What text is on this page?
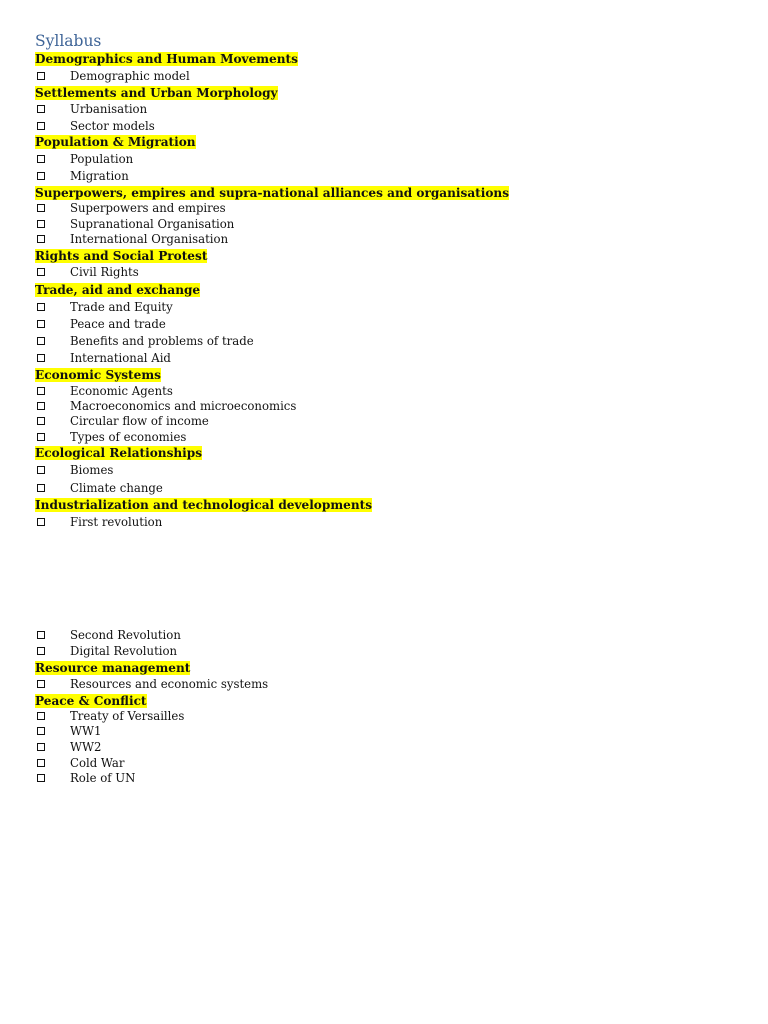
Syllabus
Demographics and Human Movements
Demographic model
Settlements and Urban Morphology
Urbanisation
Sector models
Population & Migration
Population
Migration
Superpowers, empires and supra-national alliances and organisations
Superpowers and empires
Supranational Organisation
International Organisation
Rights and Social Protest
Civil Rights
Trade, aid and exchange
Trade and Equity
Peace and trade
Benefits and problems of trade
International Aid
Economic Systems
Economic Agents
Macroeconomics and microeconomics
Circular flow of income
Types of economies
Ecological Relationships
Biomes
Climate change
Industrialization and technological developments
First revolution
Second Revolution
Digital Revolution
Resource management
Resources and economic systems
Peace & Conflict
Treaty of Versailles
WW1
WW2
Cold War
Role of UN
